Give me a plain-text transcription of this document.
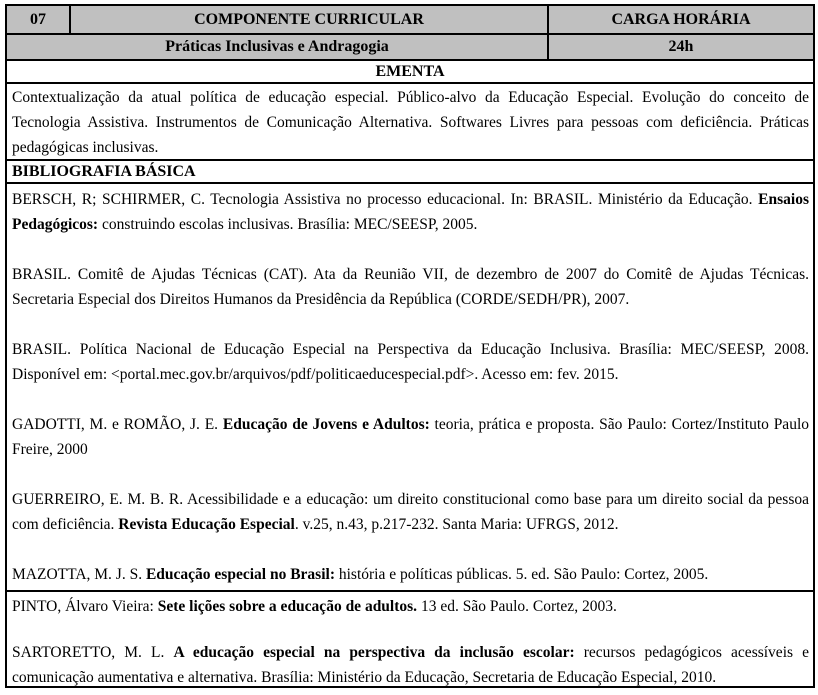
07	COMPONENTE CURRICULAR	CARGA HORÁRIA
Práticas Inclusivas e Andragogia	24h
EMENTA
Contextualização da atual política de educação especial. Público-alvo da Educação Especial. Evolução do conceito de Tecnologia Assistiva. Instrumentos de Comunicação Alternativa. Softwares Livres para pessoas com deficiência. Práticas pedagógicas inclusivas.
BIBLIOGRAFIA BÁSICA

BERSCH, R; SCHIRMER, C. Tecnologia Assistiva no processo educacional. In: BRASIL. Ministério da Educação. Ensaios Pedagógicos: construindo escolas inclusivas. Brasília: MEC/SEESP, 2005.

BRASIL. Comitê de Ajudas Técnicas (CAT). Ata da Reunião VII, de dezembro de 2007 do Comitê de Ajudas Técnicas. Secretaria Especial dos Direitos Humanos da Presidência da República (CORDE/SEDH/PR), 2007.

BRASIL. Política Nacional de Educação Especial na Perspectiva da Educação Inclusiva. Brasília: MEC/SEESP, 2008. Disponível em: <portal.mec.gov.br/arquivos/pdf/politicaeducespecial.pdf>. Acesso em: fev. 2015.

GADOTTI, M. e ROMÃO, J. E. Educação de Jovens e Adultos: teoria, prática e proposta. São Paulo: Cortez/Instituto Paulo Freire, 2000

GUERREIRO, E. M. B. R. Acessibilidade e a educação: um direito constitucional como base para um direito social da pessoa com deficiência. Revista Educação Especial. v.25, n.43, p.217-232. Santa Maria: UFRGS, 2012.

MAZOTTA, M. J. S. Educação especial no Brasil: história e políticas públicas. 5. ed. São Paulo: Cortez, 2005.

PINTO, Álvaro Vieira: Sete lições sobre a educação de adultos. 13 ed. São Paulo. Cortez, 2003.

SARTORETTO, M. L. A educação especial na perspectiva da inclusão escolar: recursos pedagógicos acessíveis e comunicação aumentativa e alternativa. Brasília: Ministério da Educação, Secretaria de Educação Especial, 2010.
